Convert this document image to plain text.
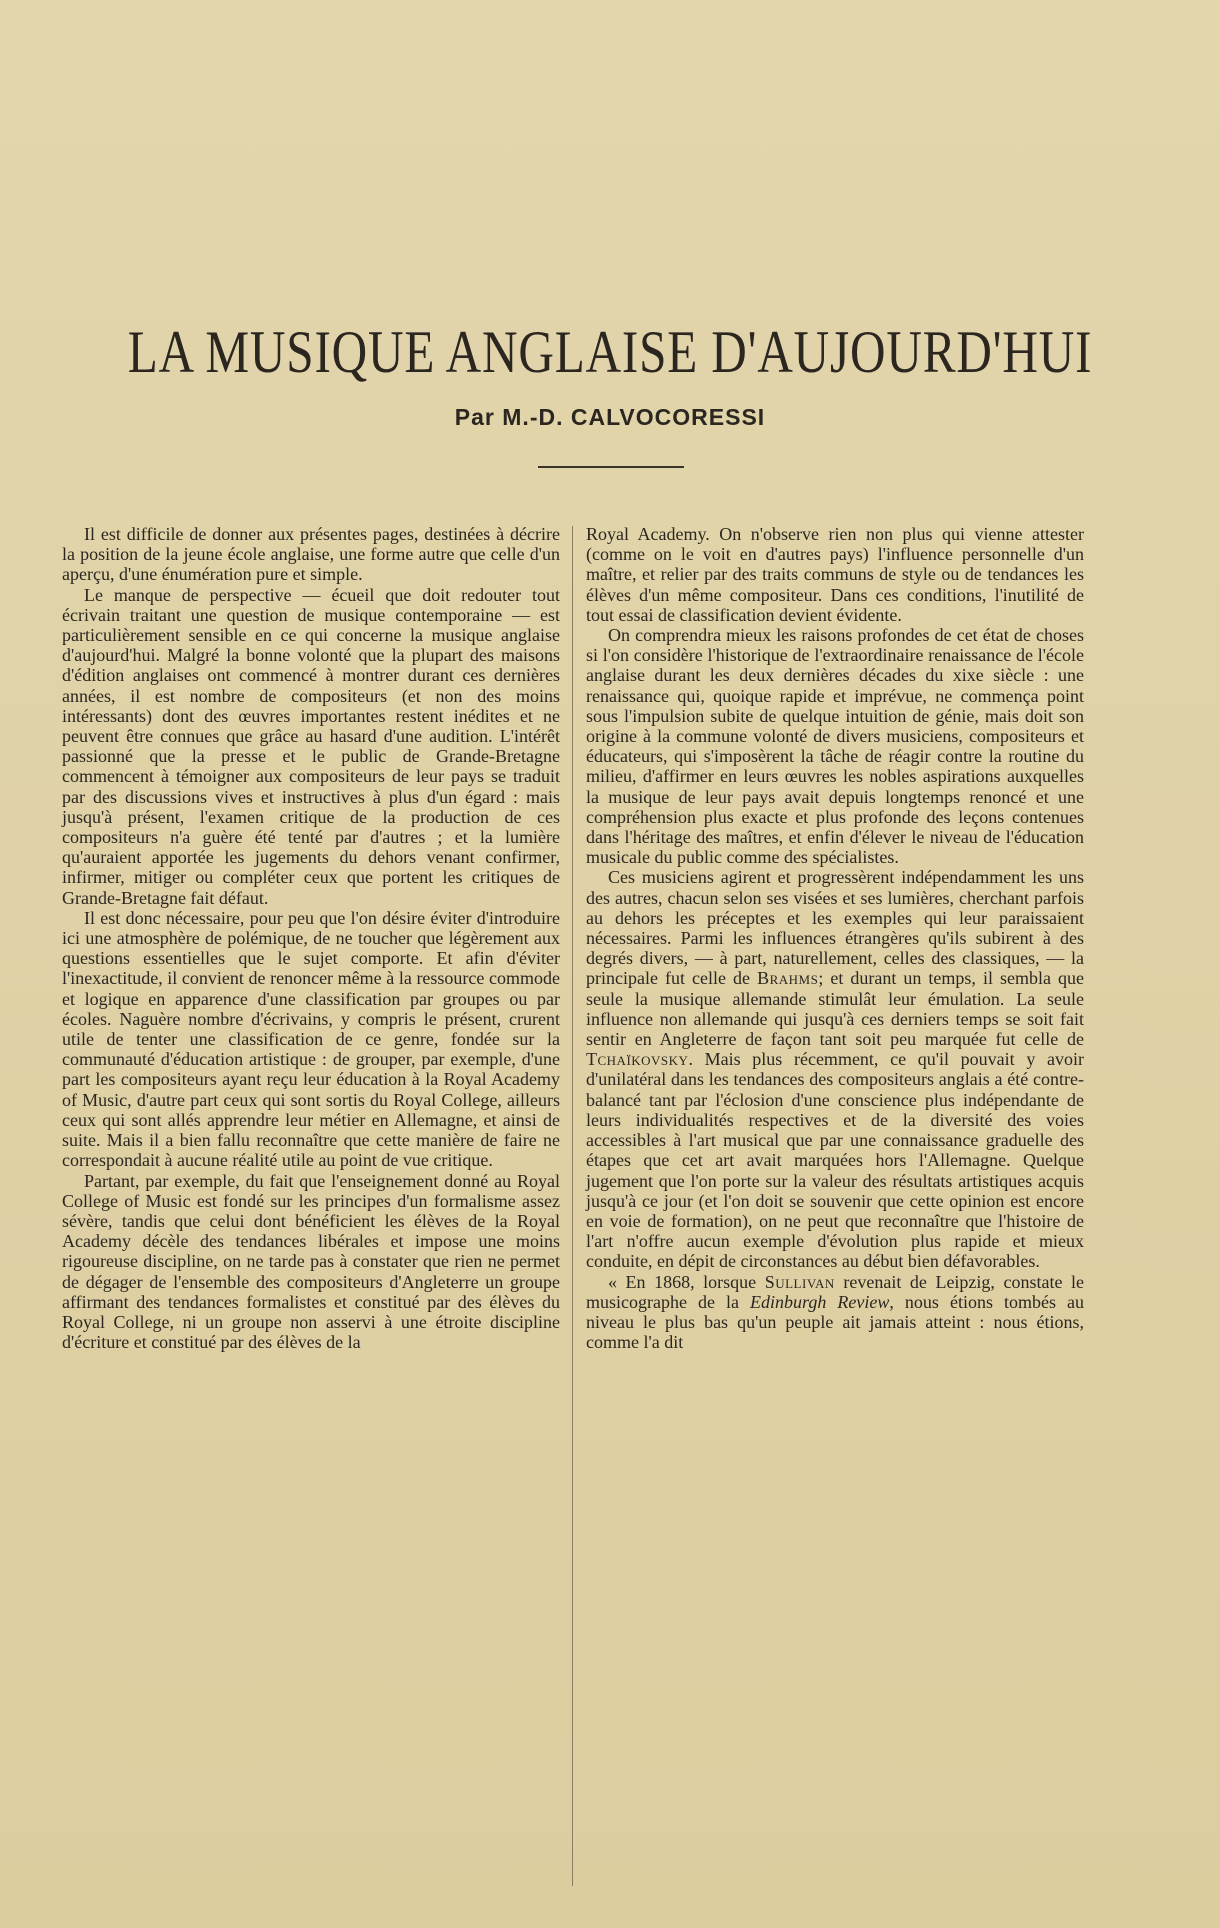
LA MUSIQUE ANGLAISE D'AUJOURD'HUI
Par M.-D. CALVOCORESSI

Il est difficile de donner aux présentes pages, destinées à décrire la position de la jeune école anglaise, une forme autre que celle d'un aperçu, d'une énumération pure et simple.

Le manque de perspective — écueil que doit redouter tout écrivain traitant une question de musique contemporaine — est particulièrement sensible en ce qui concerne la musique anglaise d'aujourd'hui. Malgré la bonne volonté que la plupart des maisons d'édition anglaises ont commencé à montrer durant ces dernières années, il est nombre de compositeurs (et non des moins intéressants) dont des œuvres importantes restent inédites et ne peuvent être connues que grâce au hasard d'une audition. L'intérêt passionné que la presse et le public de Grande-Bretagne commencent à témoigner aux compositeurs de leur pays se traduit par des discussions vives et instructives à plus d'un égard : mais jusqu'à présent, l'examen critique de la production de ces compositeurs n'a guère été tenté par d'autres ; et la lumière qu'auraient apportée les jugements du dehors venant confirmer, infirmer, mitiger ou compléter ceux que portent les critiques de Grande-Bretagne fait défaut.

Il est donc nécessaire, pour peu que l'on désire éviter d'introduire ici une atmosphère de polémique, de ne toucher que légèrement aux questions essentielles que le sujet comporte. Et afin d'éviter l'inexactitude, il convient de renoncer même à la ressource commode et logique en apparence d'une classification par groupes ou par écoles. Naguère nombre d'écrivains, y compris le présent, crurent utile de tenter une classification de ce genre, fondée sur la communauté d'éducation artistique : de grouper, par exemple, d'une part les compositeurs ayant reçu leur éducation à la Royal Academy of Music, d'autre part ceux qui sont sortis du Royal College, ailleurs ceux qui sont allés apprendre leur métier en Allemagne, et ainsi de suite. Mais il a bien fallu reconnaître que cette manière de faire ne correspondait à aucune réalité utile au point de vue critique.

Partant, par exemple, du fait que l'enseignement donné au Royal College of Music est fondé sur les principes d'un formalisme assez sévère, tandis que celui dont bénéficient les élèves de la Royal Academy décèle des tendances libérales et impose une moins rigoureuse discipline, on ne tarde pas à constater que rien ne permet de dégager de l'ensemble des compositeurs d'Angleterre un groupe affirmant des tendances formalistes et constitué par des élèves du Royal College, ni un groupe non asservi à une étroite discipline d'écriture et constitué par des élèves de la

Royal Academy. On n'observe rien non plus qui vienne attester (comme on le voit en d'autres pays) l'influence personnelle d'un maître, et relier par des traits communs de style ou de tendances les élèves d'un même compositeur. Dans ces conditions, l'inutilité de tout essai de classification devient évidente.

On comprendra mieux les raisons profondes de cet état de choses si l'on considère l'historique de l'extraordinaire renaissance de l'école anglaise durant les deux dernières décades du xixe siècle : une renaissance qui, quoique rapide et imprévue, ne commença point sous l'impulsion subite de quelque intuition de génie, mais doit son origine à la commune volonté de divers musiciens, compositeurs et éducateurs, qui s'imposèrent la tâche de réagir contre la routine du milieu, d'affirmer en leurs œuvres les nobles aspirations auxquelles la musique de leur pays avait depuis longtemps renoncé et une compréhension plus exacte et plus profonde des leçons contenues dans l'héritage des maîtres, et enfin d'élever le niveau de l'éducation musicale du public comme des spécialistes.

Ces musiciens agirent et progressèrent indépendamment les uns des autres, chacun selon ses visées et ses lumières, cherchant parfois au dehors les préceptes et les exemples qui leur paraissaient nécessaires. Parmi les influences étrangères qu'ils subirent à des degrés divers, — à part, naturellement, celles des classiques, — la principale fut celle de Brahms; et durant un temps, il sembla que seule la musique allemande stimulât leur émulation. La seule influence non allemande qui jusqu'à ces derniers temps se soit fait sentir en Angleterre de façon tant soit peu marquée fut celle de Tchaïkovsky. Mais plus récemment, ce qu'il pouvait y avoir d'unilatéral dans les tendances des compositeurs anglais a été contre-balancé tant par l'éclosion d'une conscience plus indépendante de leurs individualités respectives et de la diversité des voies accessibles à l'art musical que par une connaissance graduelle des étapes que cet art avait marquées hors l'Allemagne. Quelque jugement que l'on porte sur la valeur des résultats artistiques acquis jusqu'à ce jour (et l'on doit se souvenir que cette opinion est encore en voie de formation), on ne peut que reconnaître que l'histoire de l'art n'offre aucun exemple d'évolution plus rapide et mieux conduite, en dépit de circonstances au début bien défavorables.

« En 1868, lorsque Sullivan revenait de Leipzig, constate le musicographe de la Edinburgh Review, nous étions tombés au niveau le plus bas qu'un peuple ait jamais atteint : nous étions, comme l'a dit
